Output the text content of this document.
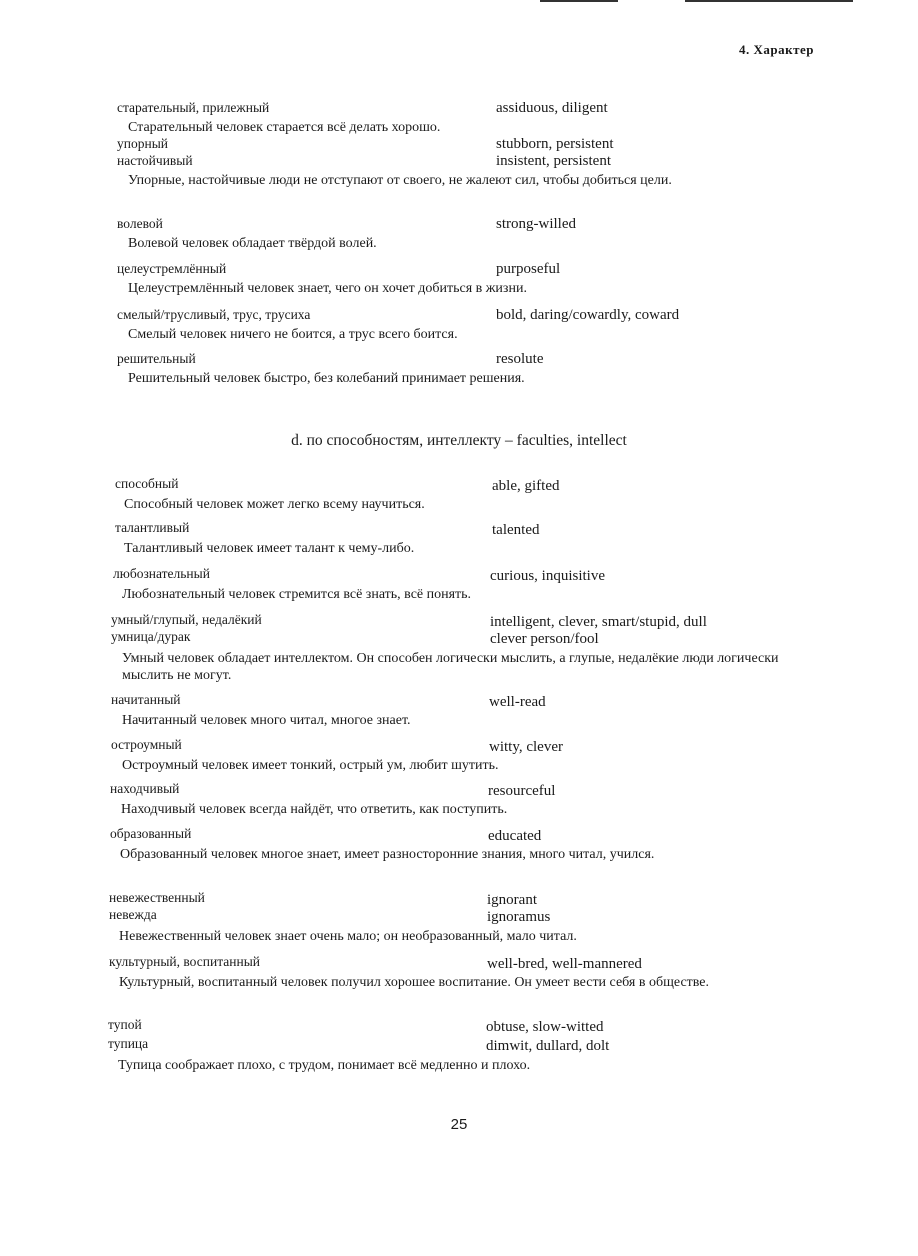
4. Характер
старательный, прилежный	assiduous, diligent
Старательный человек старается всё делать хорошо.
упорный	stubborn, persistent
настойчивый	insistent, persistent
Упорные, настойчивые люди не отступают от своего, не жалеют сил, чтобы добиться цели.
волевой	strong-willed
Волевой человек обладает твёрдой волей.
целеустремлённый	purposeful
Целеустремлённый человек знает, чего он хочет добиться в жизни.
смелый/трусливый, трус, трусиха	bold, daring/cowardly, coward
Смелый человек ничего не боится, а трус всего боится.
решительный	resolute
Решительный человек быстро, без колебаний принимает решения.
d. по способностям, интеллекту – faculties, intellect
способный	able, gifted
Способный человек может легко всему научиться.
талантливый	talented
Талантливый человек имеет талант к чему-либо.
любознательный	curious, inquisitive
Любознательный человек стремится всё знать, всё понять.
умный/глупый, недалёкий	intelligent, clever, smart/stupid, dull
умница/дурак	clever person/fool
Умный человек обладает интеллектом. Он способен логически мыслить, а глупые, недалёкие люди логически мыслить не могут.
начитанный	well-read
Начитанный человек много читал, многое знает.
остроумный	witty, clever
Остроумный человек имеет тонкий, острый ум, любит шутить.
находчивый	resourceful
Находчивый человек всегда найдёт, что ответить, как поступить.
образованный	educated
Образованный человек многое знает, имеет разносторонние знания, много читал, учился.
невежественный	ignorant
невежда	ignoramus
Невежественный человек знает очень мало; он необразованный, мало читал.
культурный, воспитанный	well-bred, well-mannered
Культурный, воспитанный человек получил хорошее воспитание. Он умеет вести себя в обществе.
тупой	obtuse, slow-witted
тупица	dimwit, dullard, dolt
Тупица соображает плохо, с трудом, понимает всё медленно и плохо.
25
